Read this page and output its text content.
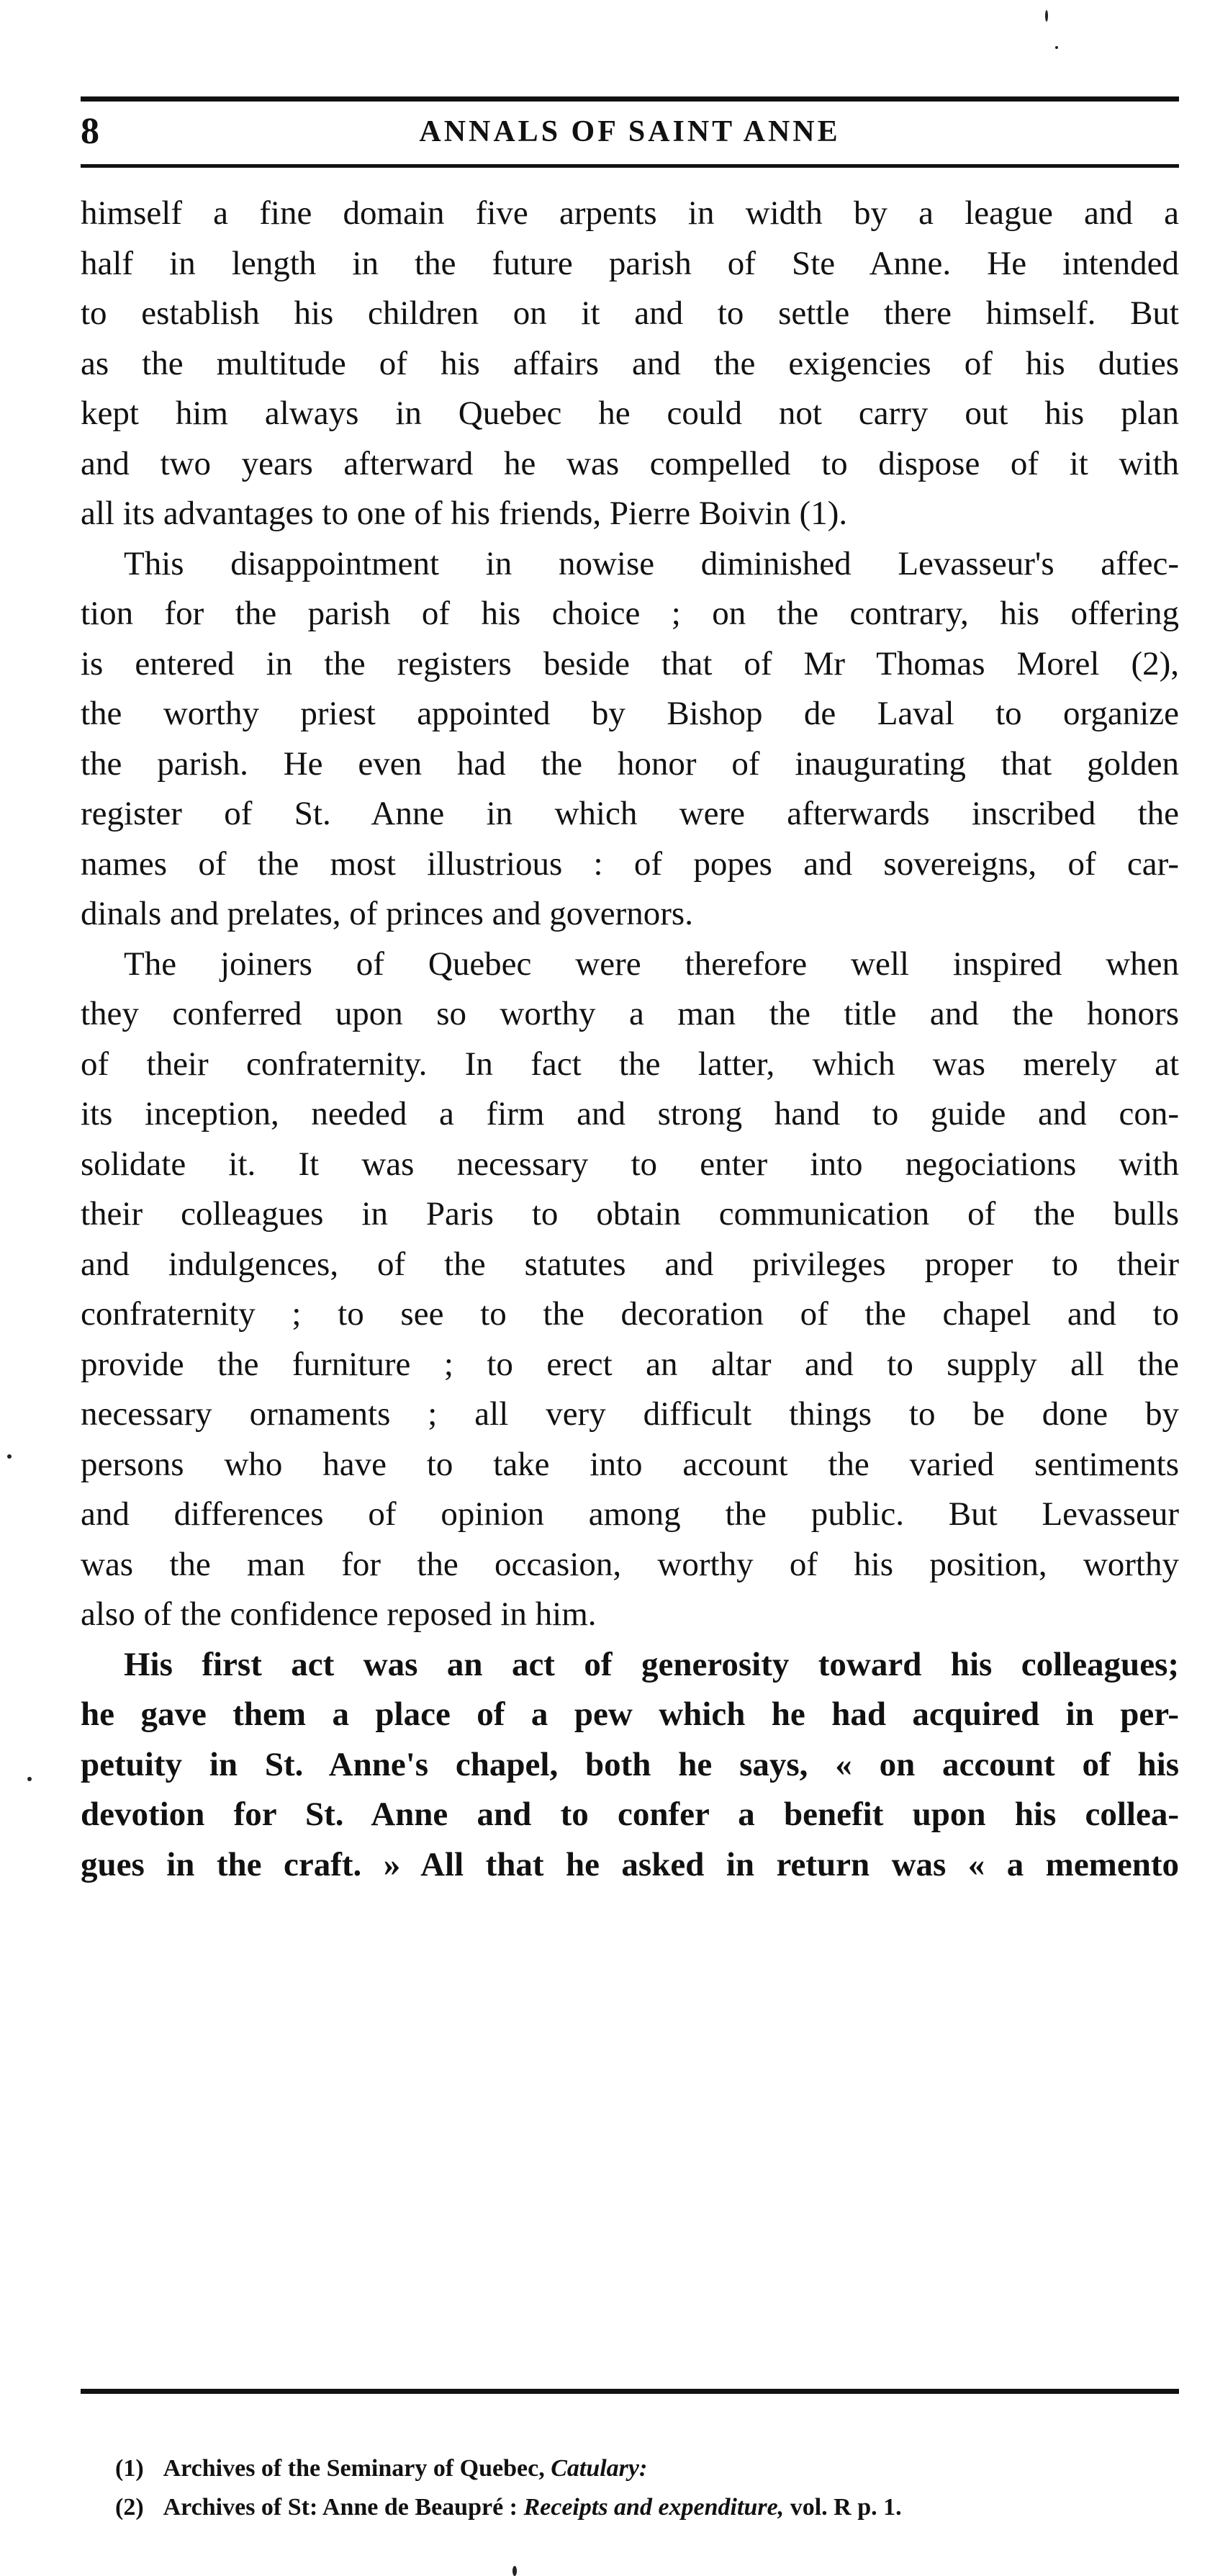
8	ANNALS OF SAINT ANNE
himself a fine domain five arpents in width by a league and a
half in length in the future parish of Ste Anne. He intended
to establish his children on it and to settle there himself. But
as the multitude of his affairs and the exigencies of his duties
kept him always in Quebec he could not carry out his plan
and two years afterward he was compelled to dispose of it with
all its advantages to one of his friends, Pierre Boivin (1).
This disappointment in nowise diminished Levasseur's affec-
tion for the parish of his choice ; on the contrary, his offering
is entered in the registers beside that of Mr Thomas Morel (2),
the worthy priest appointed by Bishop de Laval to organize
the parish. He even had the honor of inaugurating that golden
register of St. Anne in which were afterwards inscribed the
names of the most illustrious : of popes and sovereigns, of car-
dinals and prelates, of princes and governors.
The joiners of Quebec were therefore well inspired when
they conferred upon so worthy a man the title and the honors
of their confraternity. In fact the latter, which was merely at
its inception, needed a firm and strong hand to guide and con-
solidate it. It was necessary to enter into negociations with
their colleagues in Paris to obtain communication of the bulls
and indulgences, of the statutes and privileges proper to their
confraternity ; to see to the decoration of the chapel and to
provide the furniture ; to erect an altar and to supply all the
necessary ornaments ; all very difficult things to be done by
persons who have to take into account the varied sentiments
and differences of opinion among the public. But Levasseur
was the man for the occasion, worthy of his position, worthy
also of the confidence reposed in him.
His first act was an act of generosity toward his colleagues;
he gave them a place of a pew which he had acquired in per-
petuity in St. Anne's chapel, both he says, « on account of his
devotion for St. Anne and to confer a benefit upon his collea-
gues in the craft. » All that he asked in return was « a memento
(1) Archives of the Seminary of Quebec, Catulary:
(2) Archives of St: Anne de Beaupré : Receipts and expenditure, vol. R p. 1.
